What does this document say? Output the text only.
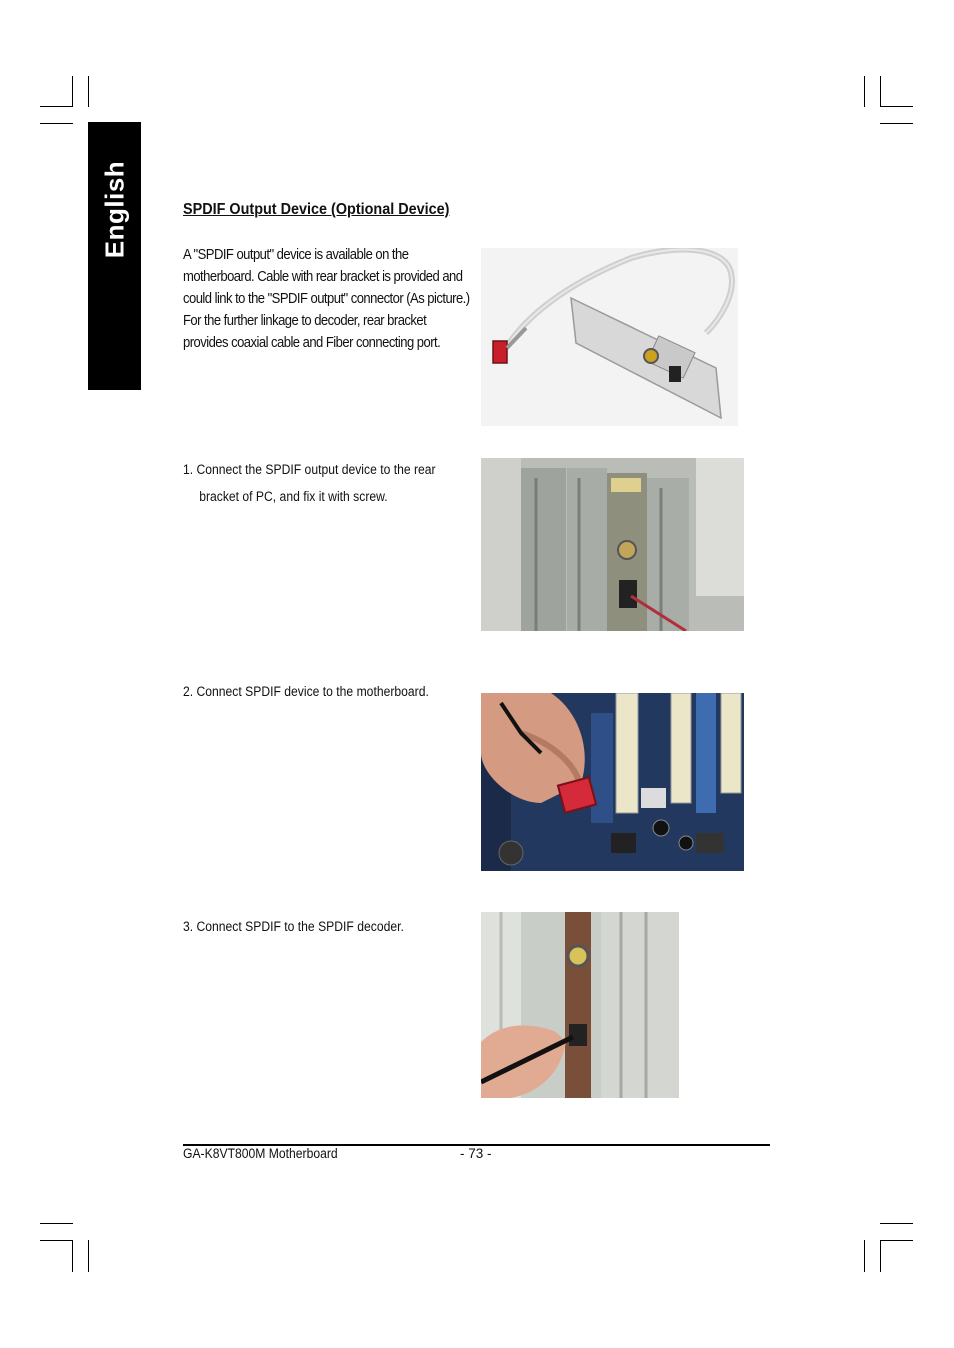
English	SPDIF Output Device (Optional Device)
A "SPDIF output" device is available on the motherboard. Cable with rear bracket is provided and could link to the "SPDIF output" connector (As picture.) For the further linkage to decoder, rear bracket provides coaxial cable and Fiber connecting port.
1. Connect the SPDIF output device to the rear
bracket of PC, and fix it with screw.
2. Connect SPDIF device to the motherboard.
3. Connect SPDIF to the SPDIF decoder.
GA-K8VT800M Motherboard	- 73 -
